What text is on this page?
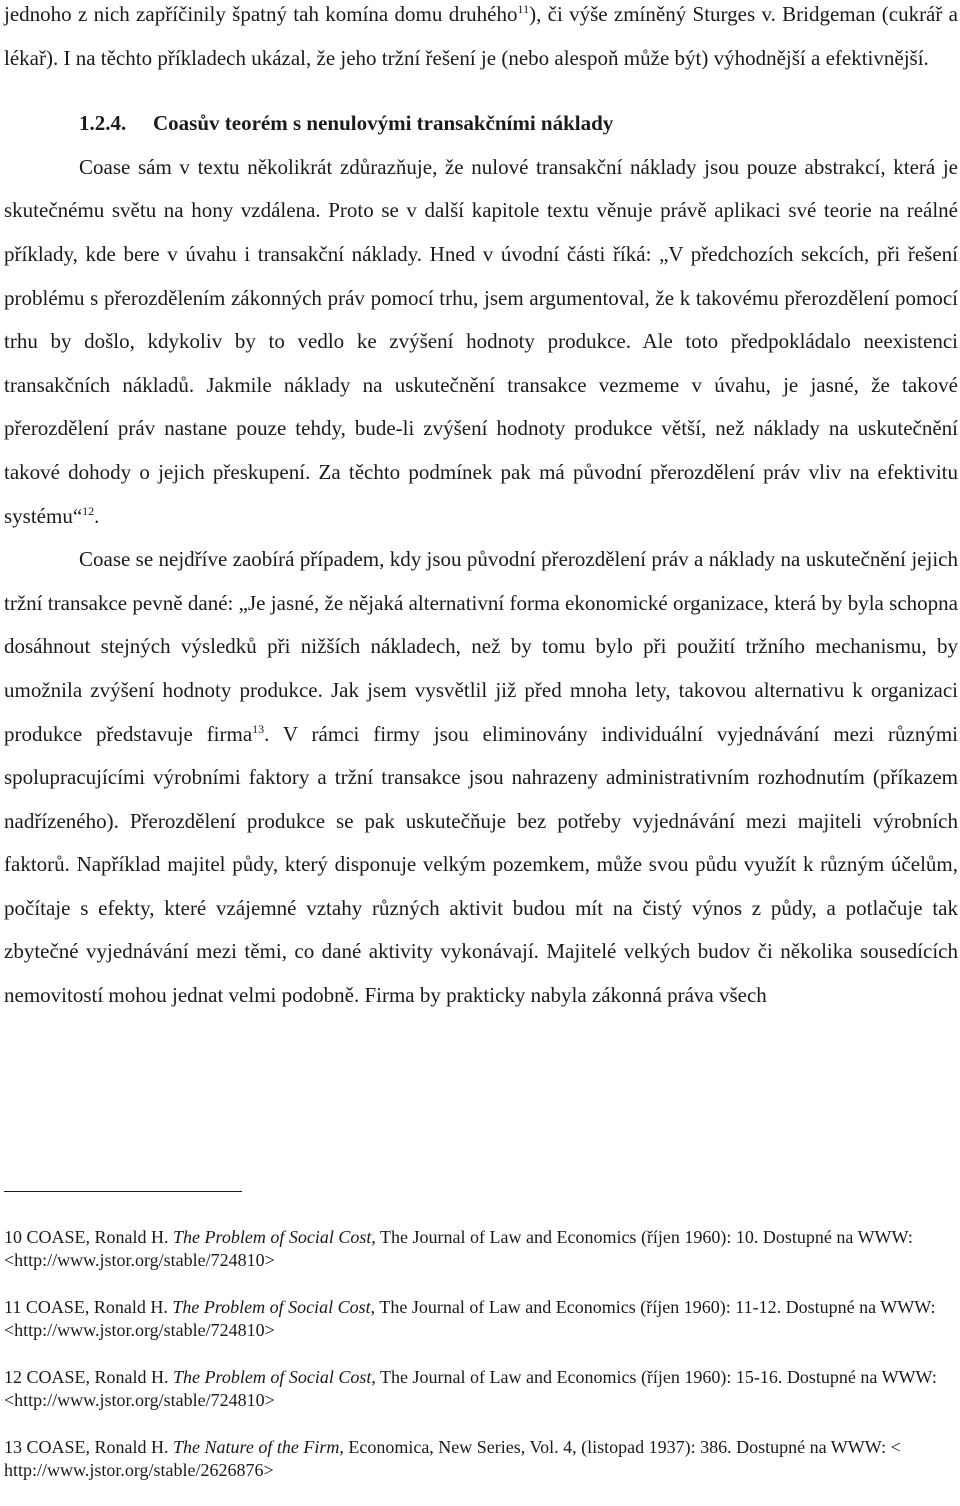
jednoho z nich zapříčinily špatný tah komína domu druhého$^{11}$), či výše zmíněný Sturges v. Bridgeman (cukrář a lékař). I na těchto příkladech ukázal, že jeho tržní řešení je (nebo alespoň může být) výhodnější a efektivnější.

1.2.4. Coasův teorém s nenulovými transakčními náklady

Coase sám v textu několikrát zdůrazňuje, že nulové transakční náklady jsou pouze abstrakcí, která je skutečnému světu na hony vzdálena. Proto se v další kapitole textu věnuje právě aplikaci své teorie na reálné příklady, kde bere v úvahu i transakční náklady. Hned v úvodní části říká: „V předchozích sekcích, při řešení problému s přerozdělením zákonných práv pomocí trhu, jsem argumentoval, že k takovému přerozdělení pomocí trhu by došlo, kdykoliv by to vedlo ke zvýšení hodnoty produkce. Ale toto předpokládalo neexistenci transakčních nákladů. Jakmile náklady na uskutečnění transakce vezmeme v úvahu, je jasné, že takové přerozdělení práv nastane pouze tehdy, bude-li zvýšení hodnoty produkce větší, než náklady na uskutečnění takové dohody o jejich přeskupení. Za těchto podmínek pak má původní přerozdělení práv vliv na efektivitu systému“$^{12}$.

Coase se nejdříve zaobírá případem, kdy jsou původní přerozdělení práv a náklady na uskutečnění jejich tržní transakce pevně dané: „Je jasné, že nějaká alternativní forma ekonomické organizace, která by byla schopna dosáhnout stejných výsledků při nižších nákladech, než by tomu bylo při použití tržního mechanismu, by umožnila zvýšení hodnoty produkce. Jak jsem vysvětlil již před mnoha lety, takovou alternativu k organizaci produkce představuje firma$^{13}$. V rámci firmy jsou eliminovány individuální vyjednávání mezi různými spolupracujícími výrobními faktory a tržní transakce jsou nahrazeny administrativním rozhodnutím (příkazem nadřízeného). Přerozdělení produkce se pak uskutečňuje bez potřeby vyjednávání mezi majiteli výrobních faktorů. Například majitel půdy, který disponuje velkým pozemkem, může svou půdu využít k různým účelům, počítaje s efekty, které vzájemné vztahy různých aktivit budou mít na čistý výnos z půdy, a potlačuje tak zbytečné vyjednávání mezi těmi, co dané aktivity vykonávají. Majitelé velkých budov či několika sousedících nemovitostí mohou jednat velmi podobně. Firma by prakticky nabyla zákonná práva všech

10 COASE, Ronald H. The Problem of Social Cost, The Journal of Law and Economics (říjen 1960): 10. Dostupné na WWW: <http://www.jstor.org/stable/724810>

11 COASE, Ronald H. The Problem of Social Cost, The Journal of Law and Economics (říjen 1960): 11-12. Dostupné na WWW: <http://www.jstor.org/stable/724810>

12 COASE, Ronald H. The Problem of Social Cost, The Journal of Law and Economics (říjen 1960): 15-16. Dostupné na WWW: <http://www.jstor.org/stable/724810>

13 COASE, Ronald H. The Nature of the Firm, Economica, New Series, Vol. 4, (listopad 1937): 386. Dostupné na WWW: < http://www.jstor.org/stable/2626876>
